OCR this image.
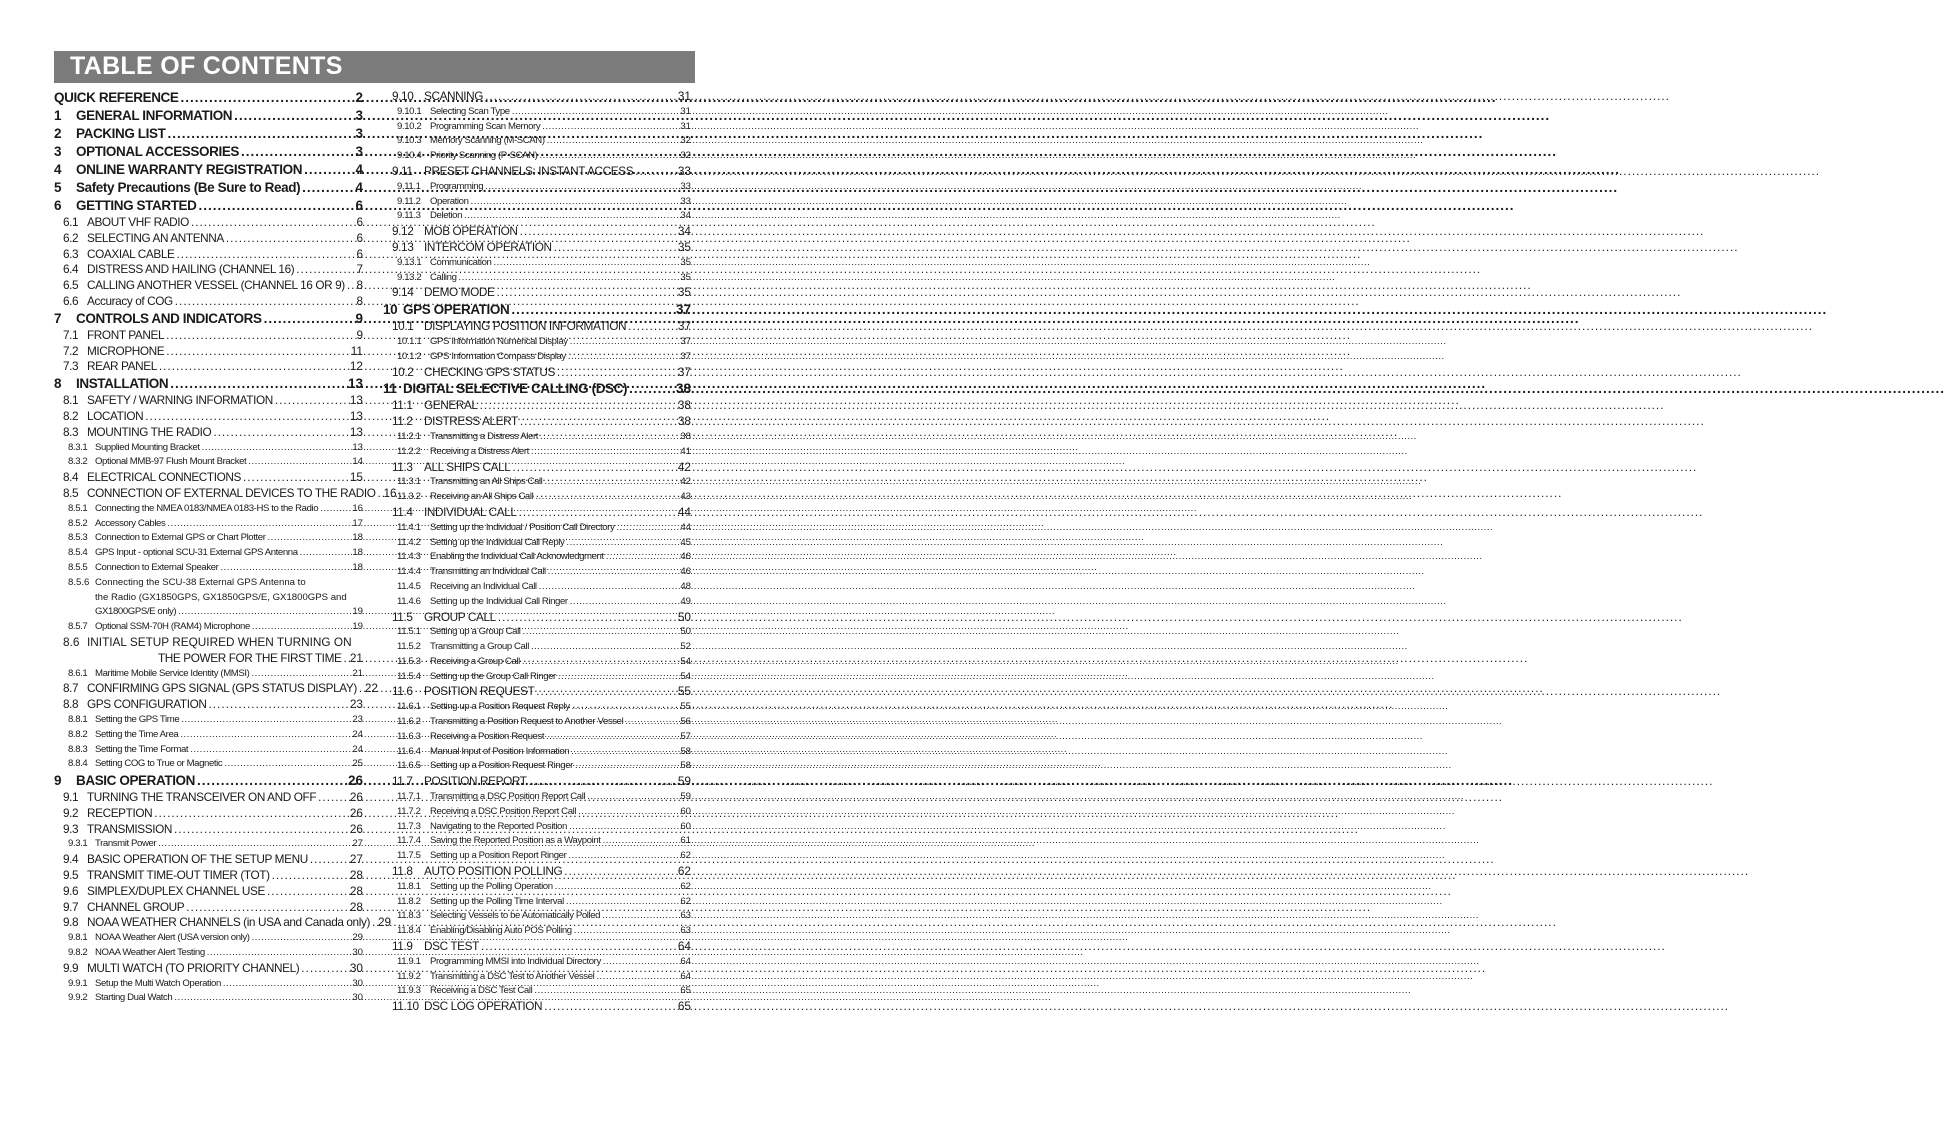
TABLE OF CONTENTS
QUICK REFERENCE .....	2
1 GENERAL INFORMATION .....	3
2 PACKING LIST .....	3
3 OPTIONAL ACCESSORIES .....	3
4 ONLINE WARRANTY REGISTRATION .....	4
5 Safety Precautions (Be Sure to Read) .....	4
6 GETTING STARTED .....	6
6.1 ABOUT VHF RADIO .....	6
6.2 SELECTING AN ANTENNA .....	6
6.3 COAXIAL CABLE .....	6
6.4 DISTRESS AND HAILING (CHANNEL 16) .....	7
6.5 CALLING ANOTHER VESSEL (CHANNEL 16 OR 9) ..... 8
6.6 Accuracy of COG .....	8
7 CONTROLS AND INDICATORS .....	9
7.1 FRONT PANEL .....	9
7.2 MICROPHONE .....	11
7.3 REAR PANEL .....	12
8 INSTALLATION .....	13
8.1 SAFETY / WARNING INFORMATION .....	13
8.2 LOCATION .....	13
8.3 MOUNTING THE RADIO .....	13
8.3.1 Supplied Mounting Bracket .....	13
8.3.2 Optional MMB-97 Flush Mount Bracket .....	14
8.4 ELECTRICAL CONNECTIONS .....	15
8.5 CONNECTION OF EXTERNAL DEVICES TO THE RADIO ..... 16
8.5.1 Connecting the NMEA 0183/NMEA 0183-HS to the Radio .....	16
8.5.2 Accessory Cables .....	17
8.5.3 Connection to External GPS or Chart Plotter .....	18
8.5.4 GPS Input - optional SCU-31 External GPS Antenna .....	18
8.5.5 Connection to External Speaker .....	18
8.5.6 Connecting the SCU-38 External GPS Antenna to
the Radio (GX1850GPS, GX1850GPS/E, GX1800GPS and
GX1800GPS/E only) .....	19
8.5.7 Optional SSM-70H (RAM4) Microphone .....	19
8.6 INITIAL SETUP REQUIRED WHEN TURNING ON
THE POWER FOR THE FIRST TIME ..... 21
8.6.1 Maritime Mobile Service Identity (MMSI) .....	21
8.7 CONFIRMING GPS SIGNAL (GPS STATUS DISPLAY) ..... 22
8.8 GPS CONFIGURATION .....	23
8.8.1 Setting the GPS Time .....	23
8.8.2 Setting the Time Area .....	24
8.8.3 Setting the Time Format .....	24
8.8.4 Setting COG to True or Magnetic .....	25
9 BASIC OPERATION .....	26
9.1 TURNING THE TRANSCEIVER ON AND OFF .....	26
9.2 RECEPTION .....	26
9.3 TRANSMISSION .....	26
9.3.1 Transmit Power .....	27
9.4 BASIC OPERATION OF THE SETUP MENU .....	27
9.5 TRANSMIT TIME-OUT TIMER (TOT) .....	28
9.6 SIMPLEX/DUPLEX CHANNEL USE .....	28
9.7 CHANNEL GROUP .....	28
9.8 NOAA WEATHER CHANNELS (in USA and Canada only) ..... 29
9.8.1 NOAA Weather Alert (USA version only) .....	29
9.8.2 NOAA Weather Alert Testing .....	30
9.9 MULTI WATCH (TO PRIORITY CHANNEL) .....	30
9.9.1 Setup the Multi Watch Operation .....	30
9.9.2 Starting Dual Watch .....	30
9.10 SCANNING .....	31
9.10.1 Selecting Scan Type .....	31
9.10.2 Programming Scan Memory .....	31
9.10.3 Memory Scanning (M-SCAN) .....	32
9.10.4 Priority Scanning (P-SCAN) .....	32
9.11 PRESET CHANNELS: INSTANT ACCESS .....	33
9.11.1 Programming .....	33
9.11.2 Operation .....	33
9.11.3 Deletion .....	34
9.12 MOB OPERATION .....	34
9.13 INTERCOM OPERATION .....	35
9.13.1 Communication .....	35
9.13.2 Calling .....	35
9.14 DEMO MODE .....	35
10 GPS OPERATION .....	37
10.1 DISPLAYING POSITION INFORMATION .....	37
10.1.1 GPS Information Numerical Display .....	37
10.1.2 GPS Information Compass Display .....	37
10.2 CHECKING GPS STATUS .....	37
11 DIGITAL SELECTIVE CALLING (DSC) .....	38
11.1 GENERAL .....	38
11.2 DISTRESS ALERT .....	38
11.2.1 Transmitting a Distress Alert .....	38
11.2.2 Receiving a Distress Alert .....	41
11.3 ALL SHIPS CALL .....	42
11.3.1 Transmitting an All Ships Call .....	42
11.3.2 Receiving an All Ships Call .....	43
11.4 INDIVIDUAL CALL .....	44
11.4.1 Setting up the Individual / Position Call Directory .....	44
11.4.2 Setting up the Individual Call Reply .....	45
11.4.3 Enabling the Individual Call Acknowledgment .....	46
11.4.4 Transmitting an Individual Call .....	46
11.4.5 Receiving an Individual Call .....	48
11.4.6 Setting up the Individual Call Ringer .....	49
11.5 GROUP CALL .....	50
11.5.1 Setting up a Group Call .....	50
11.5.2 Transmitting a Group Call .....	52
11.5.3 Receiving a Group Call .....	54
11.5.4 Setting up the Group Call Ringer .....	54
11.6 POSITION REQUEST .....	55
11.6.1 Setting up a Position Request Reply .....	55
11.6.2 Transmitting a Position Request to Another Vessel .....	56
11.6.3 Receiving a Position Request .....	57
11.6.4 Manual Input of Position Information .....	58
11.6.5 Setting up a Position Request Ringer .....	58
11.7 POSITION REPORT .....	59
11.7.1 Transmitting a DSC Position Report Call .....	59
11.7.2 Receiving a DSC Position Report Call .....	60
11.7.3 Navigating to the Reported Position .....	60
11.7.4 Saving the Reported Position as a Waypoint .....	61
11.7.5 Setting up a Position Report Ringer .....	62
11.8 AUTO POSITION POLLING .....	62
11.8.1 Setting up the Polling Operation .....	62
11.8.2 Setting up the Polling Time Interval .....	62
11.8.3 Selecting Vessels to be Automatically Polled .....	63
11.8.4 Enabling/Disabling Auto POS Polling .....	63
11.9 DSC TEST .....	64
11.9.1 Programming MMSI into Individual Directory .....	64
11.9.2 Transmitting a DSC Test to Another Vessel .....	64
11.9.3 Receiving a DSC Test Call .....	65
11.10 DSC LOG OPERATION .....	65
